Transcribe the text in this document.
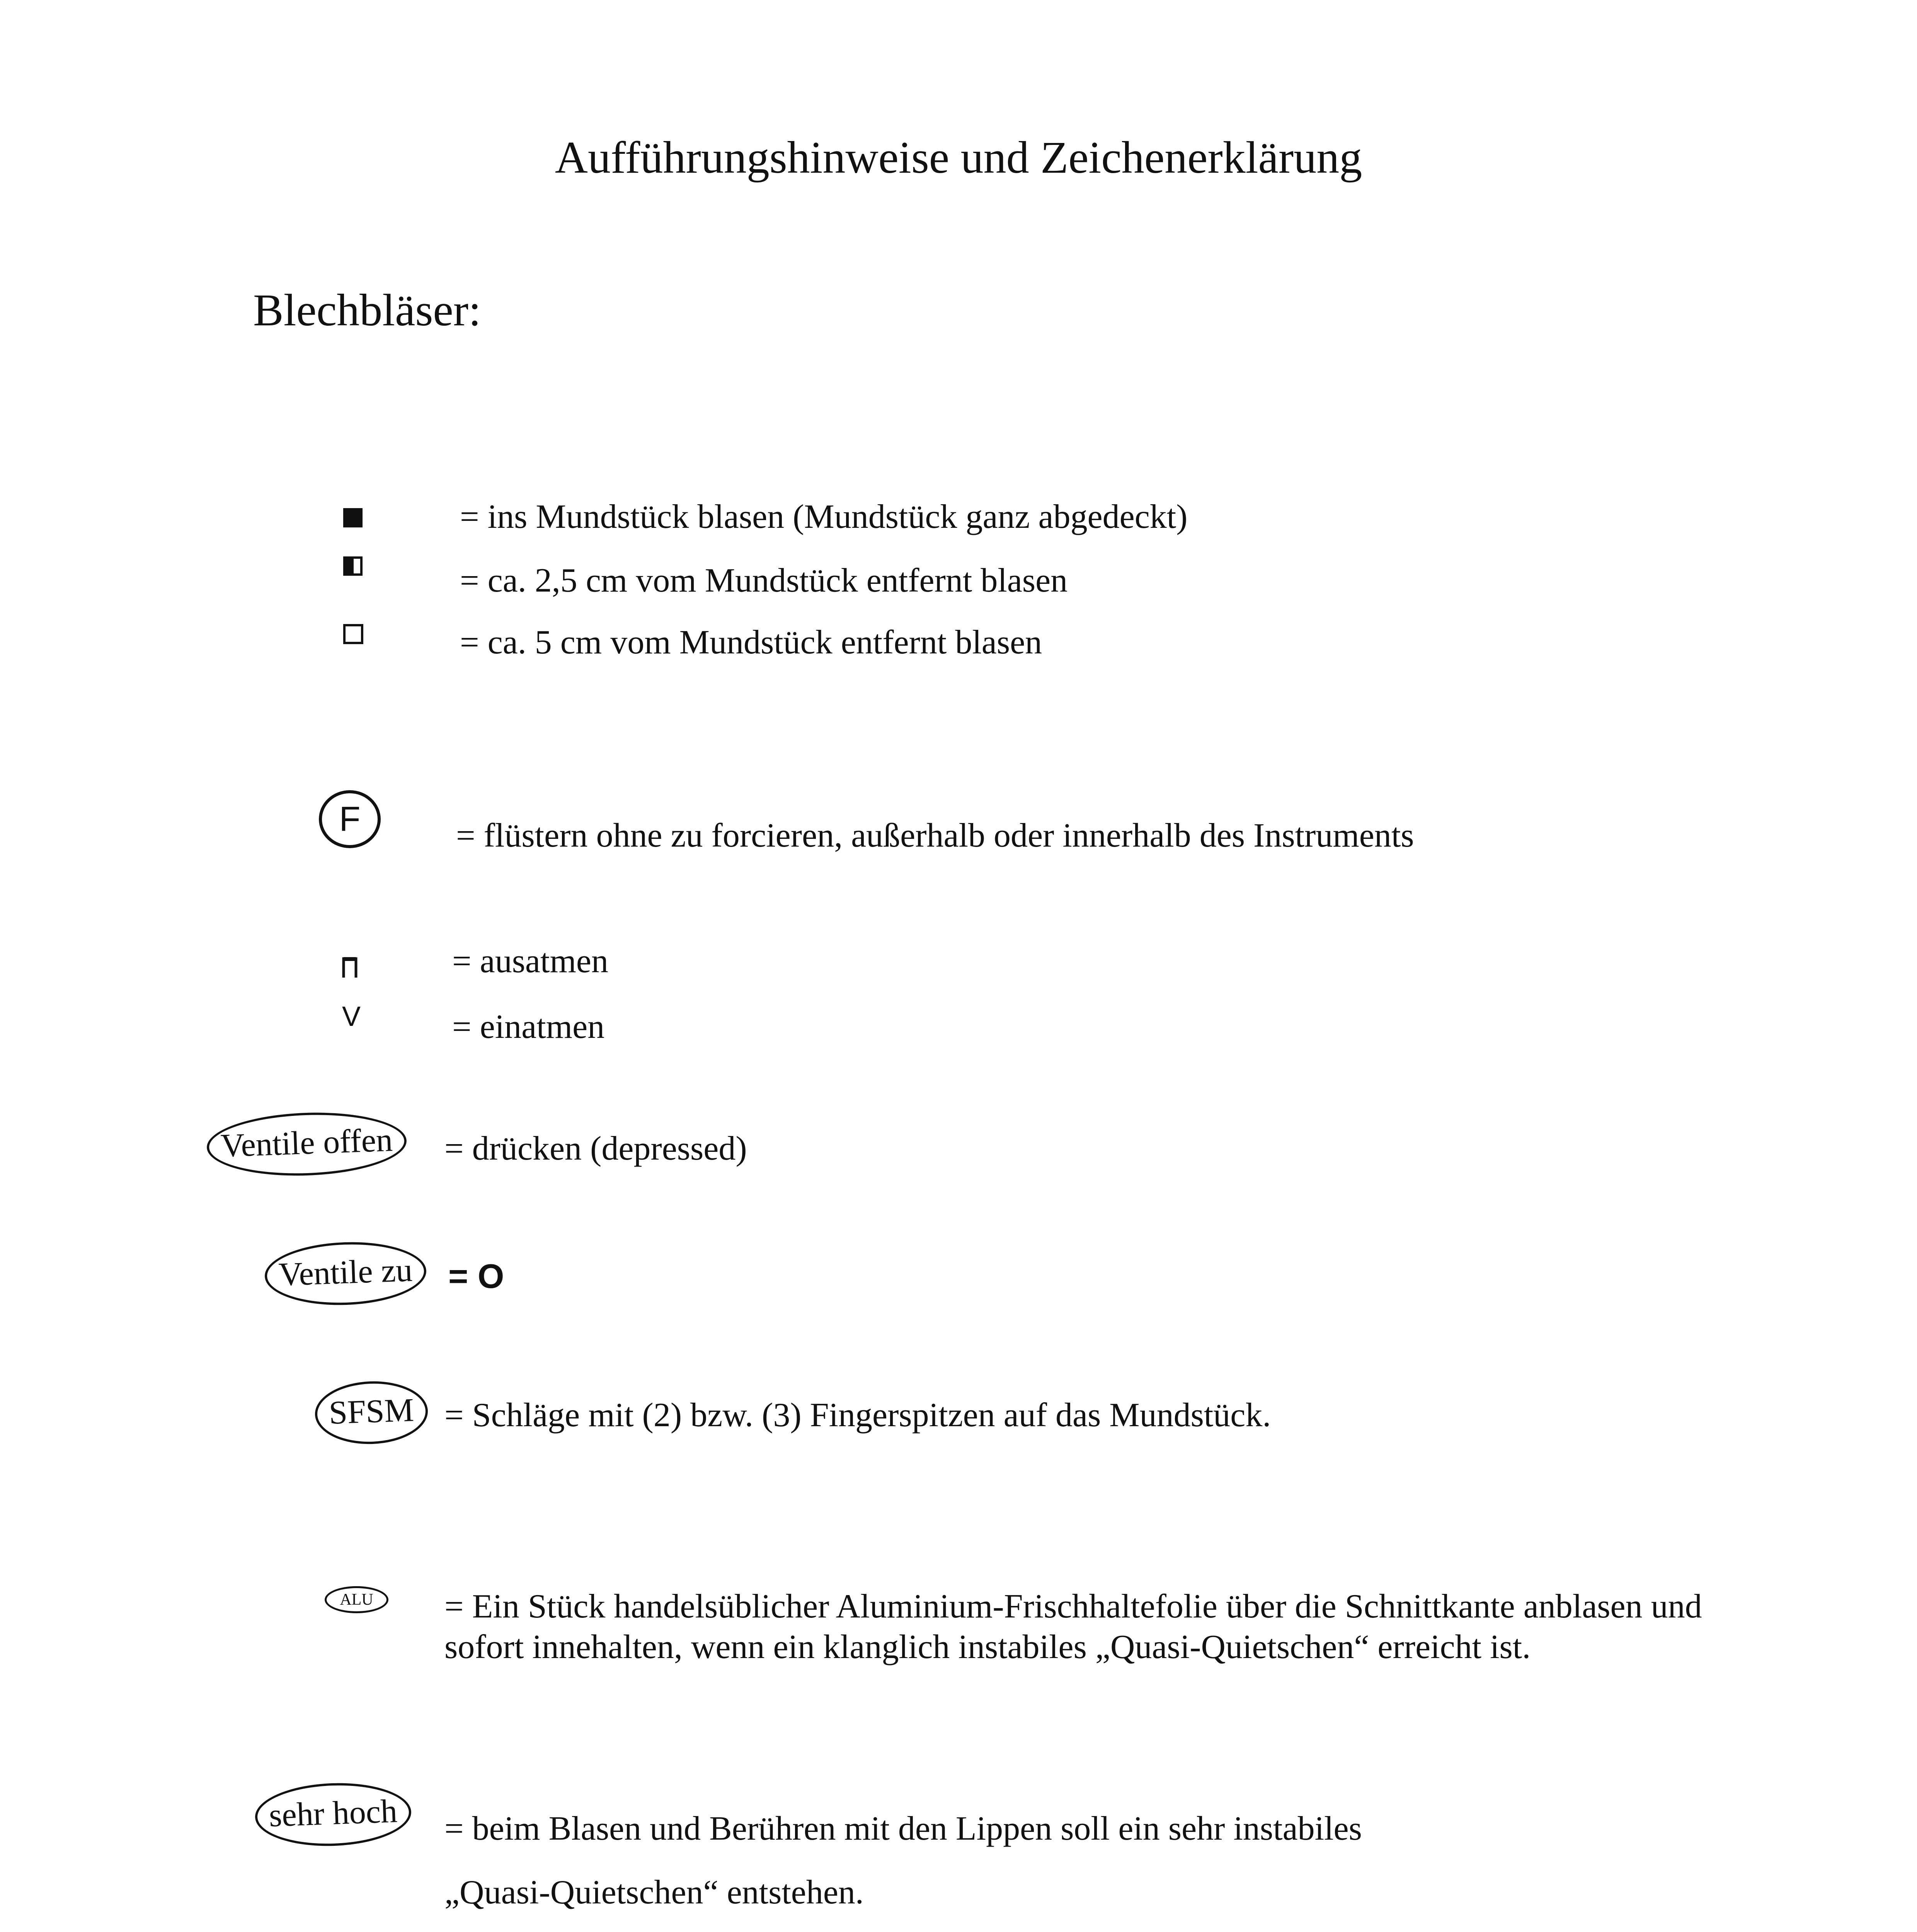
Aufführungshinweise und Zeichenerklärung
Blechbläser:
= ins Mundstück blasen (Mundstück ganz abgedeckt)
= ca. 2,5 cm vom Mundstück entfernt blasen
= ca. 5 cm vom Mundstück entfernt blasen
F	= flüstern ohne zu forcieren, außerhalb oder innerhalb des Instruments
= ausatmen
V	= einatmen
Ventile offen	= drücken (depressed)
Ventile zu	= O
SFSM = Schläge mit (2) bzw. (3) Fingerspitzen auf das Mundstück.
ALU = Ein Stück handelsüblicher Aluminium-Frischhaltefolie über die Schnittkante anblasen und sofort innehalten, wenn ein klanglich instabiles „Quasi-Quietschen“ erreicht ist.
sehr hoch	= beim Blasen und Berühren mit den Lippen soll ein sehr instabiles „Quasi-Quietschen“ entstehen.
